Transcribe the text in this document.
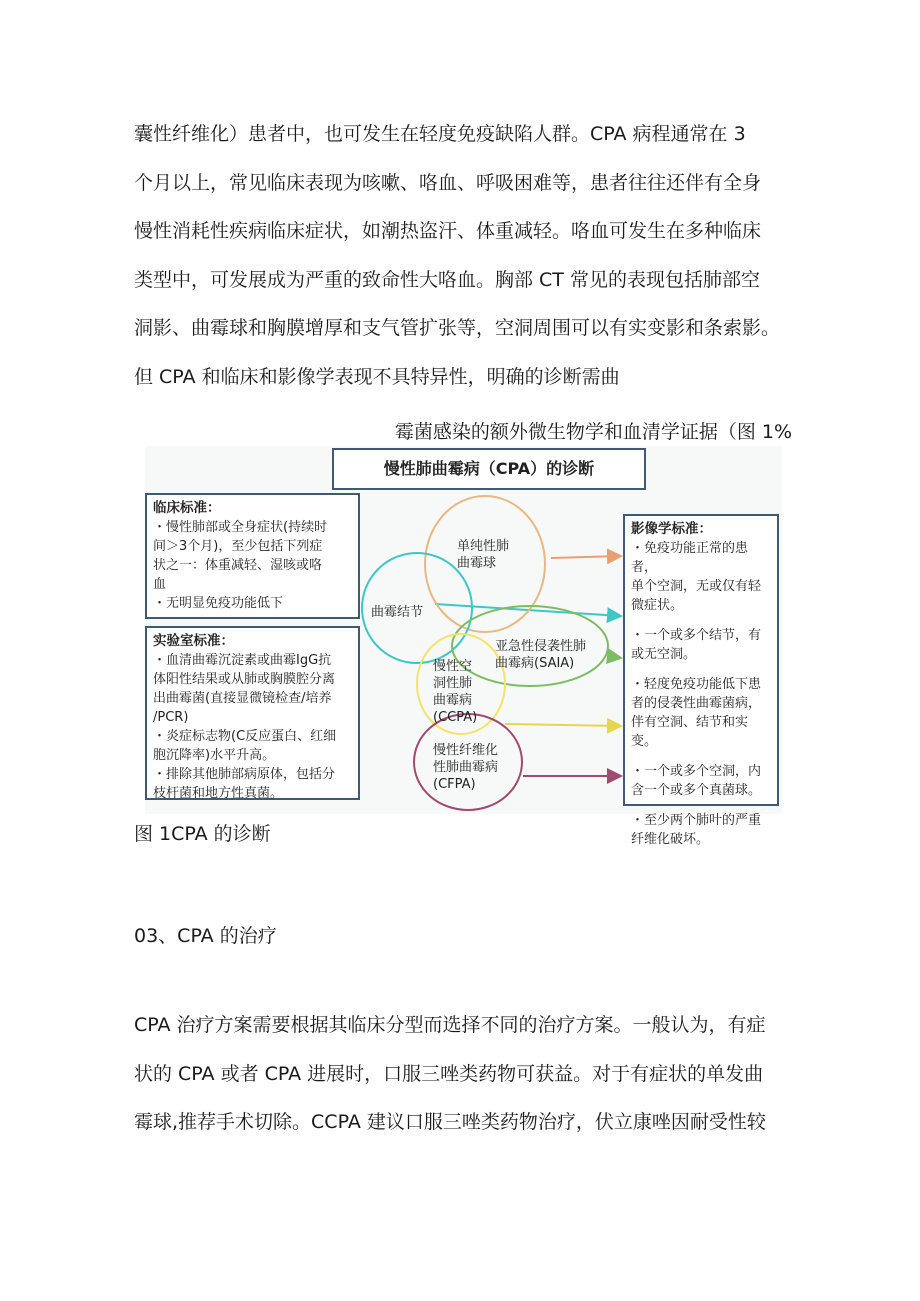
囊性纤维化）患者中，也可发生在轻度免疫缺陷人群。CPA 病程通常在 3
个月以上，常见临床表现为咳嗽、咯血、呼吸困难等，患者往往还伴有全身
慢性消耗性疾病临床症状，如潮热盗汗、体重减轻。咯血可发生在多种临床
类型中，可发展成为严重的致命性大咯血。胸部 CT 常见的表现包括肺部空
洞影、曲霉球和胸膜增厚和支气管扩张等，空洞周围可以有实变影和条索影。
但 CPA 和临床和影像学表现不具特异性，明确的诊断需曲
霉菌感染的额外微生物学和血清学证据（图 1%
慢性肺曲霉病（CPA）的诊断
临床标准：
・慢性肺部或全身症状(持续时
间＞3个月)，至少包括下列症
状之一：体重减轻、湿咳或咯
血
・无明显免疫功能低下
实验室标准：
・血清曲霉沉淀素或曲霉IgG抗
体阳性结果或从肺或胸膜腔分离
出曲霉菌(直接显微镜检查/培养
/PCR)
・炎症标志物(C反应蛋白、红细
胞沉降率)水平升高。
・排除其他肺部病原体，包括分
枝杆菌和地方性真菌。
影像学标准：
・免疫功能正常的患者，
单个空洞，无或仅有轻
微症状。
・一个或多个结节，有
或无空洞。
・轻度免疫功能低下患
者的侵袭性曲霉菌病，
伴有空洞、结节和实变。
・一个或多个空洞，内
含一个或多个真菌球。
・至少两个肺叶的严重
纤维化破坏。
单纯性肺
曲霉球
曲霉结节
亚急性侵袭性肺
曲霉病(SAIA)
慢性空
洞性肺
曲霉病
(CCPA)
慢性纤维化
性肺曲霉病
(CFPA)
图 1CPA 的诊断
03、CPA 的治疗
CPA 治疗方案需要根据其临床分型而选择不同的治疗方案。一般认为，有症
状的 CPA 或者 CPA 进展时，口服三唑类药物可获益。对于有症状的单发曲
霉球,推荐手术切除。CCPA 建议口服三唑类药物治疗，伏立康唑因耐受性较
